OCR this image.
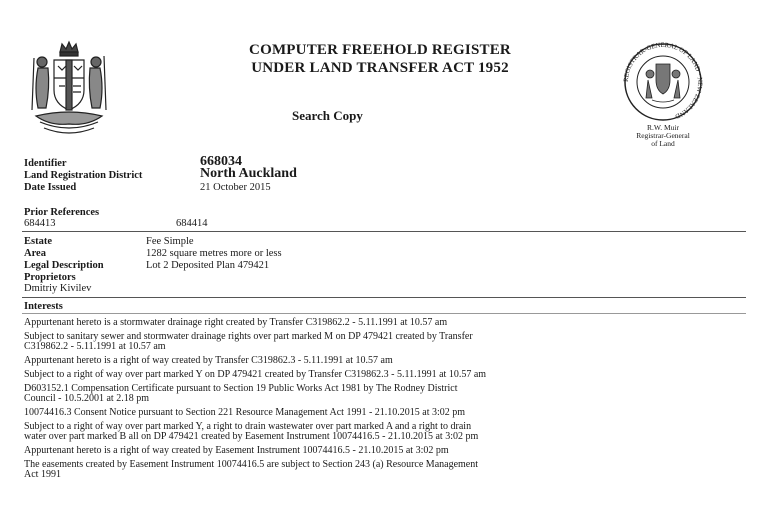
COMPUTER FREEHOLD REGISTER
UNDER LAND TRANSFER ACT 1952
Search Copy
REGISTRAR-GENERAL OF LAND · NEW ZEALAND
R.W. Muir
Registrar-General
of Land
Identifier	668034
Land Registration District	North Auckland
Date Issued	21 October 2015
Prior References
684413	684414
Estate	Fee Simple
Area	1282 square metres more or less
Legal Description	Lot 2 Deposited Plan 479421
Proprietors
Dmitriy Kivilev
Interests
Appurtenant hereto is a stormwater drainage right created by Transfer C319862.2 - 5.11.1991 at 10.57 am
Subject to sanitary sewer and stormwater drainage rights over part marked M on DP 479421 created by Transfer
C319862.2 - 5.11.1991 at 10.57 am
Appurtenant hereto is a right of way created by Transfer C319862.3 - 5.11.1991 at 10.57 am
Subject to a right of way over part marked Y on DP 479421 created by Transfer C319862.3 - 5.11.1991 at 10.57 am
D603152.1 Compensation Certificate pursuant to Section 19 Public Works Act 1981 by The Rodney District
Council - 10.5.2001 at 2.18 pm
10074416.3 Consent Notice pursuant to Section 221 Resource Management Act 1991 - 21.10.2015 at 3:02 pm
Subject to a right of way over part marked Y, a right to drain wastewater over part marked A and a right to drain
water over part marked B all on DP 479421 created by Easement Instrument 10074416.5 - 21.10.2015 at 3:02 pm
Appurtenant hereto is a right of way created by Easement Instrument 10074416.5 - 21.10.2015 at 3:02 pm
The easements created by Easement Instrument 10074416.5 are subject to Section 243 (a) Resource Management
Act 1991
